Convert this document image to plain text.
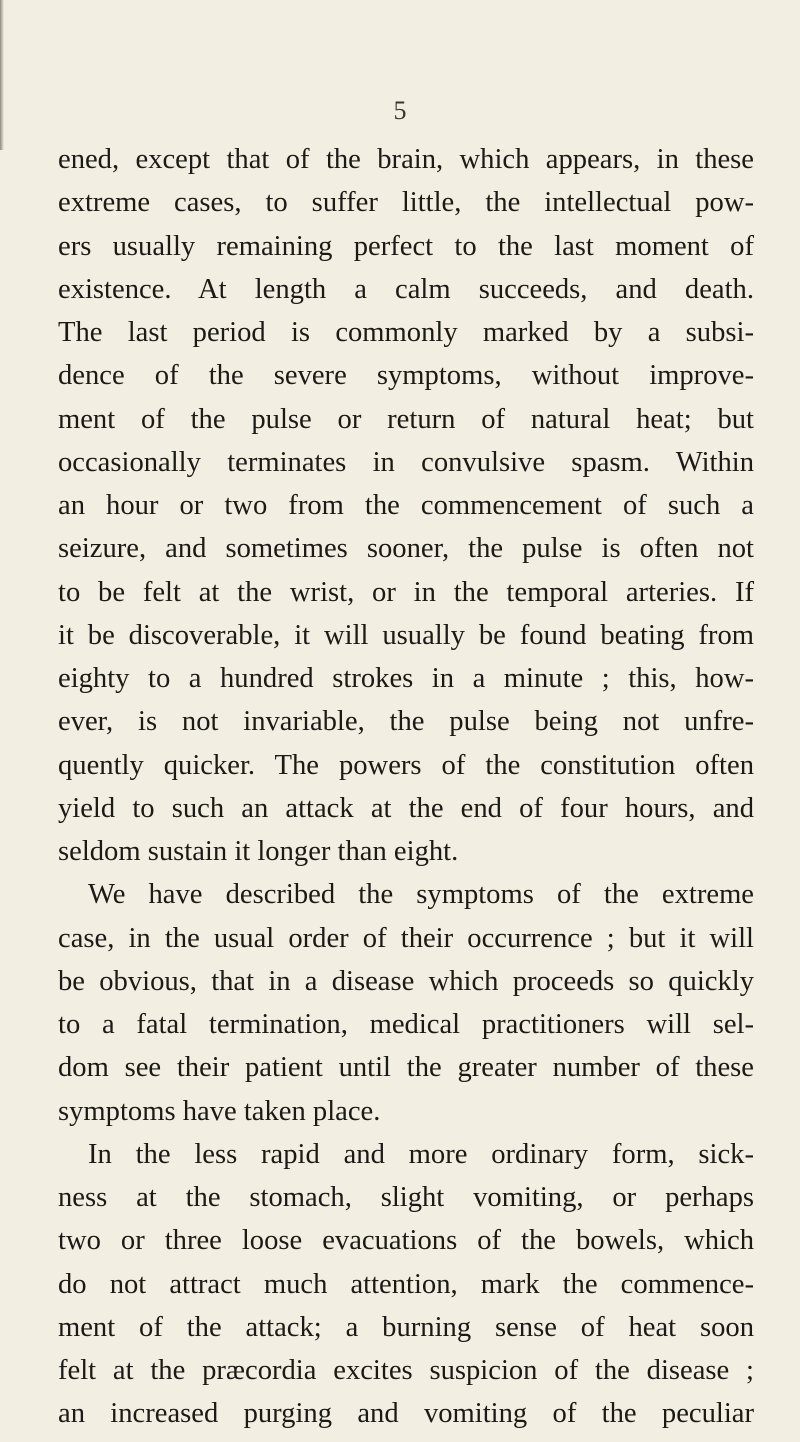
5
ened, except that of the brain, which appears, in these
extreme cases, to suffer little, the intellectual pow-
ers usually remaining perfect to the last moment of
existence. At length a calm succeeds, and death.
The last period is commonly marked by a subsi-
dence of the severe symptoms, without improve-
ment of the pulse or return of natural heat; but
occasionally terminates in convulsive spasm. Within
an hour or two from the commencement of such a
seizure, and sometimes sooner, the pulse is often not
to be felt at the wrist, or in the temporal arteries. If
it be discoverable, it will usually be found beating from
eighty to a hundred strokes in a minute ; this, how-
ever, is not invariable, the pulse being not unfre-
quently quicker. The powers of the constitution often
yield to such an attack at the end of four hours, and
seldom sustain it longer than eight.
We have described the symptoms of the extreme
case, in the usual order of their occurrence ; but it will
be obvious, that in a disease which proceeds so quickly
to a fatal termination, medical practitioners will sel-
dom see their patient until the greater number of these
symptoms have taken place.
In the less rapid and more ordinary form, sick-
ness at the stomach, slight vomiting, or perhaps
two or three loose evacuations of the bowels, which
do not attract much attention, mark the commence-
ment of the attack; a burning sense of heat soon
felt at the præcordia excites suspicion of the disease ;
an increased purging and vomiting of the peculiar
